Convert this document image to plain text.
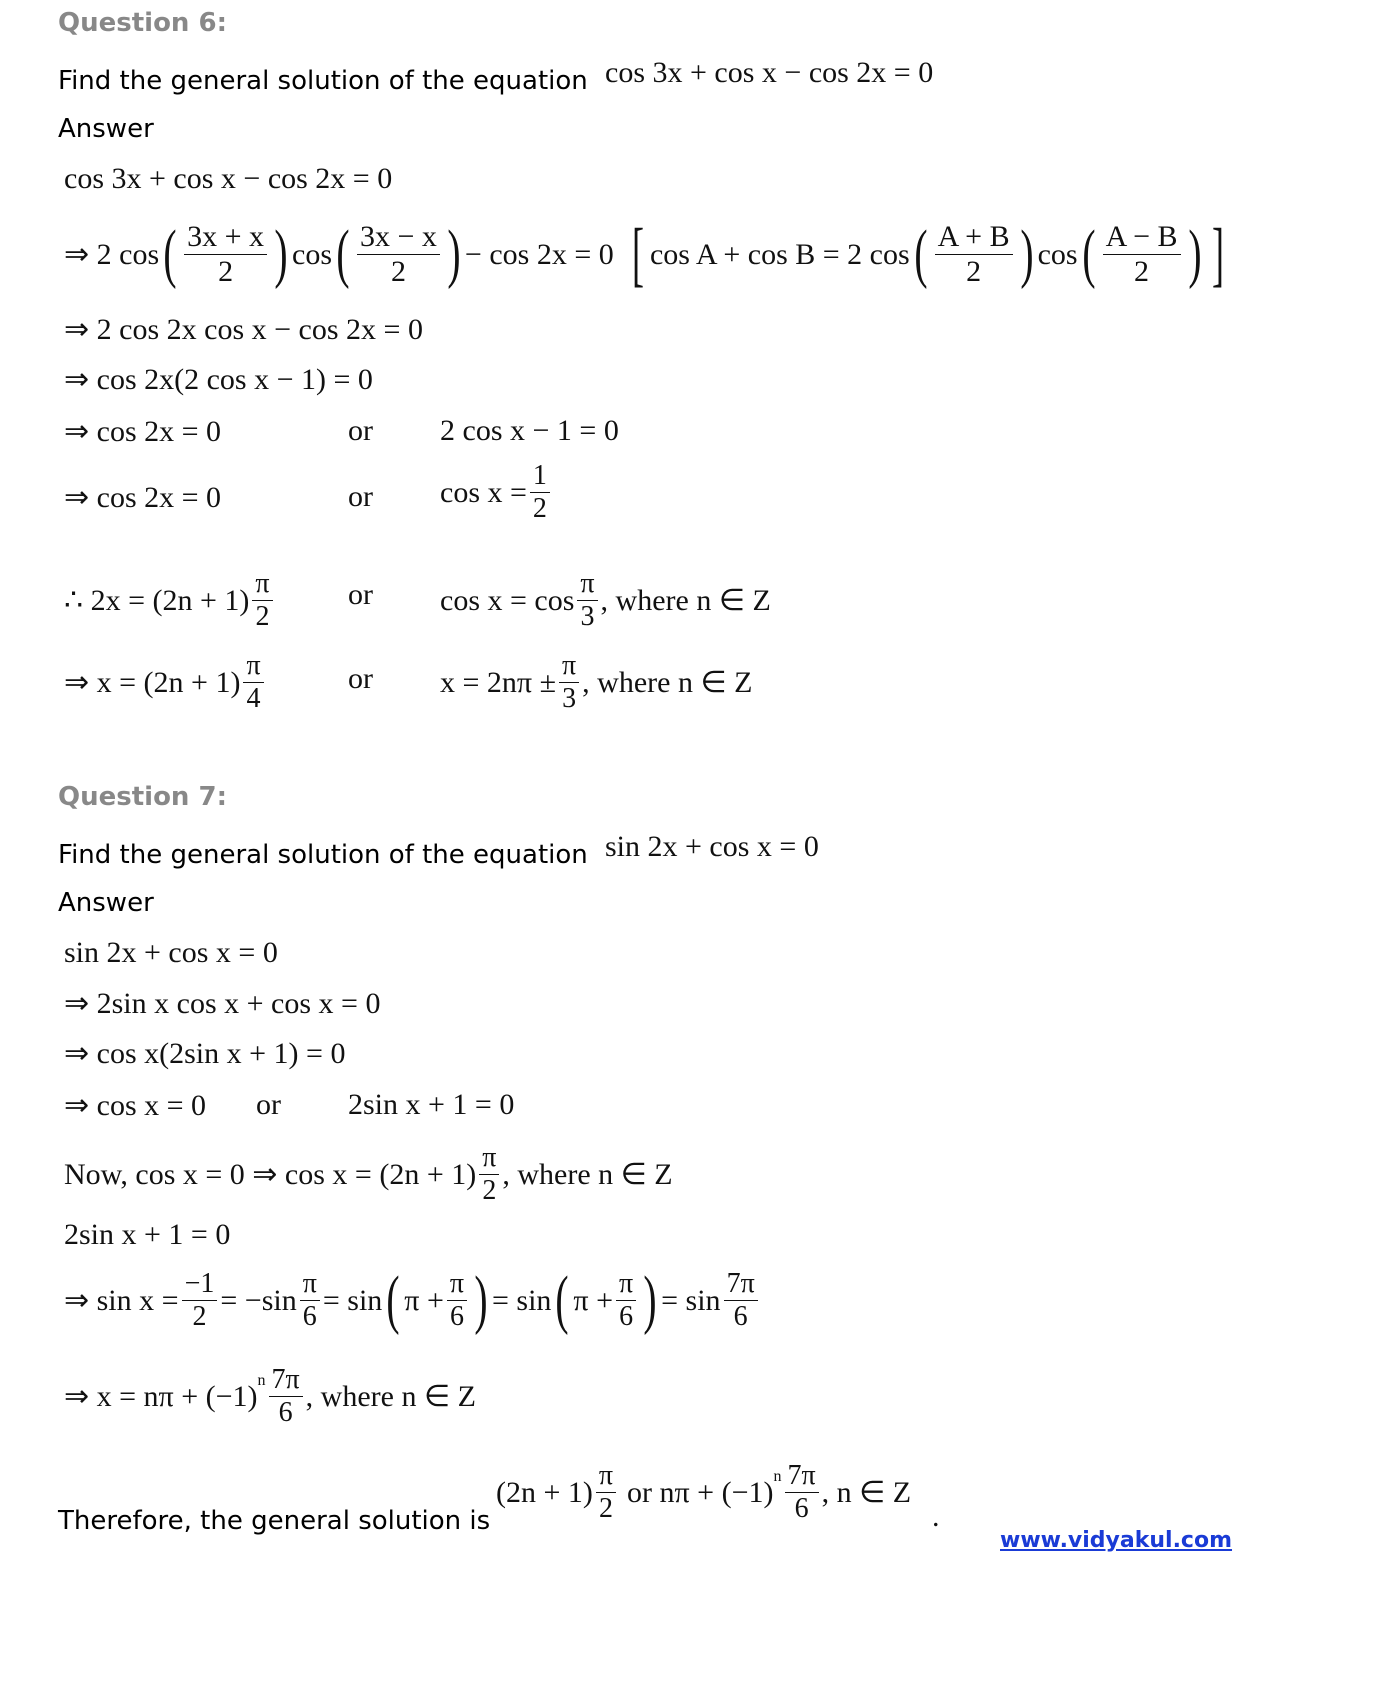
Question 6:
Find the general solution of the equation cos 3x + cos x − cos 2x = 0
Answer
cos 3x + cos x − cos 2x = 0
⇒ 2 cos ( $\frac{3x + x}{2}$ ) cos ( $\frac{3x - x}{2}$ ) − cos 2x = 0 [ cos A + cos B = 2 cos ( $\frac{A + B}{2}$ ) cos ( $\frac{A - B}{2}$ ) ]
⇒ 2 cos 2x cos x − cos 2x = 0
⇒ cos 2x(2 cos x − 1) = 0
⇒ cos 2x = 0	or 2 cos x − 1 = 0
⇒ cos 2x = 0	or $\cos x = \frac{1}{2}$
∴ $2x = (2n + 1) \frac{\pi}{2}$	or $\cos x = \cos \frac{\pi}{3}$ , where n ∈ Z
⇒ $x = (2n + 1) \frac{\pi}{4}$	or $x = 2n\pi \pm \frac{\pi}{3}$ , where n ∈ Z
Question 7:
Find the general solution of the equation sin 2x + cos x = 0
Answer
sin 2x + cos x = 0
⇒ 2sin x cos x + cos x = 0
⇒ cos x(2sin x + 1) = 0
⇒ cos x = 0 or 2sin x + 1 = 0
Now, cos x = 0 ⇒ $\cos x = (2n + 1) \frac{\pi}{2}$ , where n ∈ Z
2sin x + 1 = 0
⇒ $\sin x = \frac{-1}{2} = -\sin \frac{\pi}{6} = \sin$ ( $\pi + \frac{\pi}{6}$ ) = sin ( $\pi + \frac{\pi}{6}$ ) = $\sin \frac{7\pi}{6}$
⇒ $x = n\pi + (-1)^n \frac{7\pi}{6}$ , where n ∈ Z
Therefore, the general solution is
$(2n + 1) \frac{\pi}{2}$ or $n\pi + (-1)^n \frac{7\pi}{6}$ , n ∈ Z
.
www.vidyakul.com
